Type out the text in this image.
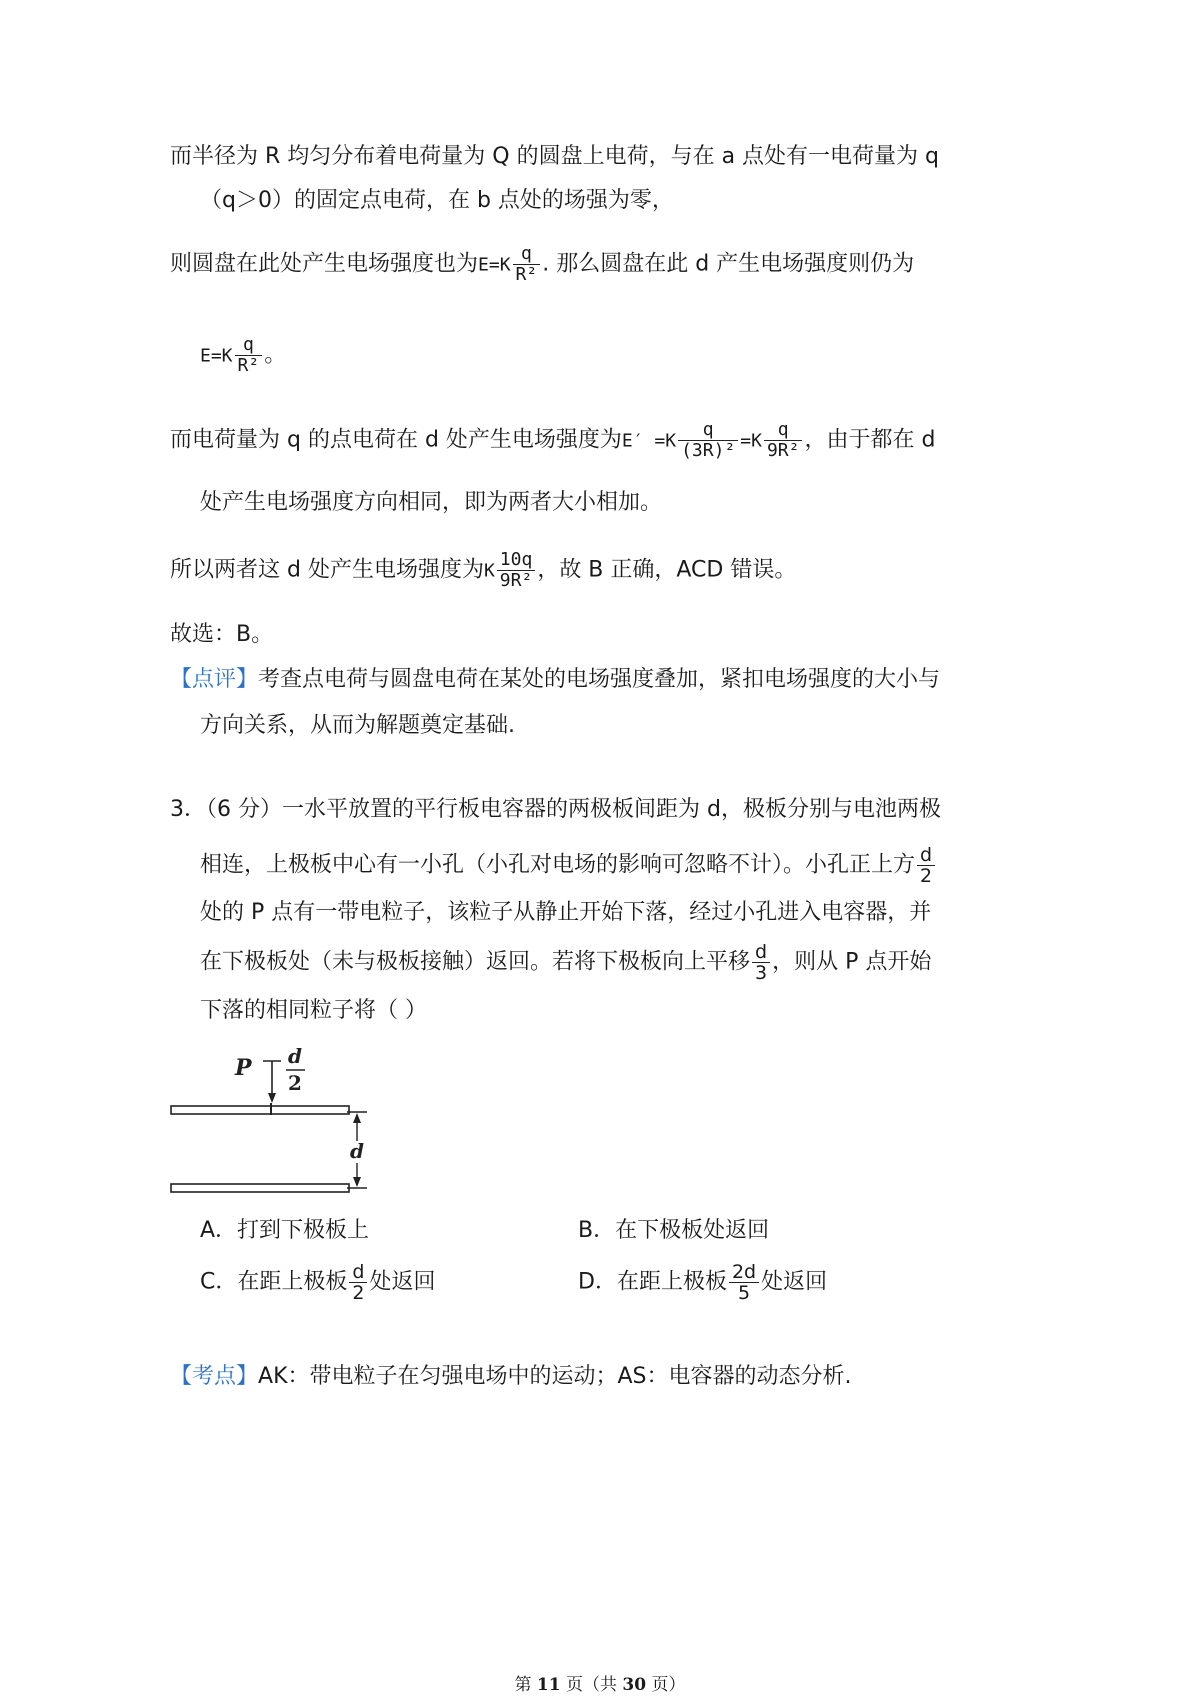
而半径为 R 均匀分布着电荷量为 Q 的圆盘上电荷，与在 a 点处有一电荷量为 q
（q＞0）的固定点电荷，在 b 点处的场强为零，
则圆盘在此处产生电场强度也为$E=K \frac{q}{\text{R²}}$ . 那么圆盘在此 d 产生电场强度则仍为
$E=K \frac{q}{\text{R²}}$ 。
而电荷量为 q 的点电荷在 d 处产生电场强度为$E' =K \frac{q}{\text{(3R)²}} =K \frac{q}{\text{9R²}}$ ，由于都在 d
处产生电场强度方向相同，即为两者大小相加。
所以两者这 d 处产生电场强度为K $\frac{10q}{\text{9R²}}$ ，故 B 正确，ACD 错误。
故选：B。
【点评】考查点电荷与圆盘电荷在某处的电场强度叠加，紧扣电场强度的大小与
方向关系，从而为解题奠定基础.
3．（6 分）一水平放置的平行板电容器的两极板间距为 d，极板分别与电池两极
相连，上极板中心有一小孔（小孔对电场的影响可忽略不计）。小孔正上方 $\frac{d}{2}$
处的 P 点有一带电粒子，该粒子从静止开始下落，经过小孔进入电容器，并
在下极板处（未与极板接触）返回。若将下极板向上平移 $\frac{d}{3}$ ，则从 P 点开始
下落的相同粒子将（ ）
P d
2
d
A．打到下极板上	B．在下极板处返回
C．在距上极板 $\frac{d}{2}$ 处返回	D．在距上极板 $\frac{2d}{5}$ 处返回
【考点】AK：带电粒子在匀强电场中的运动；AS：电容器的动态分析.
第 11 页（共 30 页）
